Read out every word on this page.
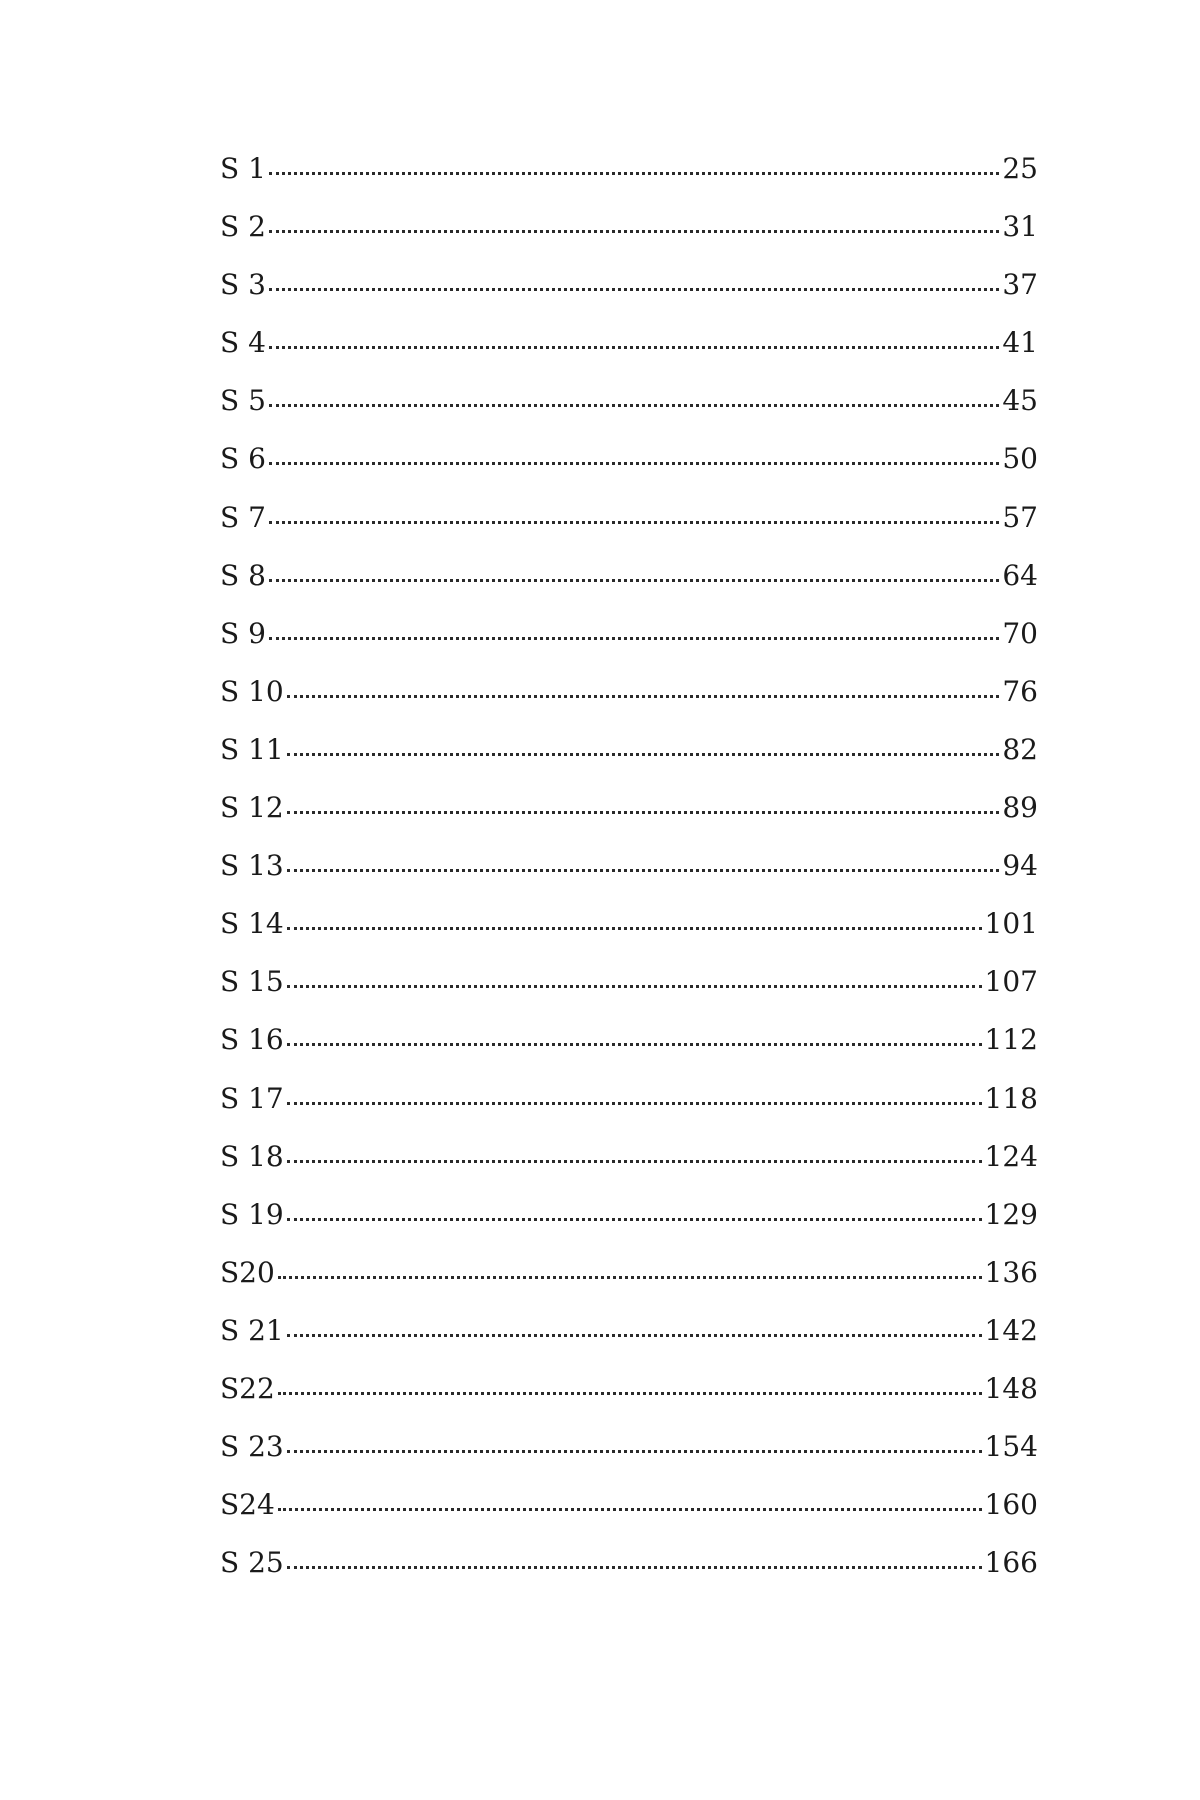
S 1	25
S 2	31
S 3	37
S 4	41
S 5	45
S 6	50
S 7	57
S 8	64
S 9	70
S 10	76
S 11	82
S 12	89
S 13	94
S 14	101
S 15	107
S 16	112
S 17	118
S 18	124
S 19	129
S20	136
S 21	142
S22	148
S 23	154
S24	160
S 25	166
